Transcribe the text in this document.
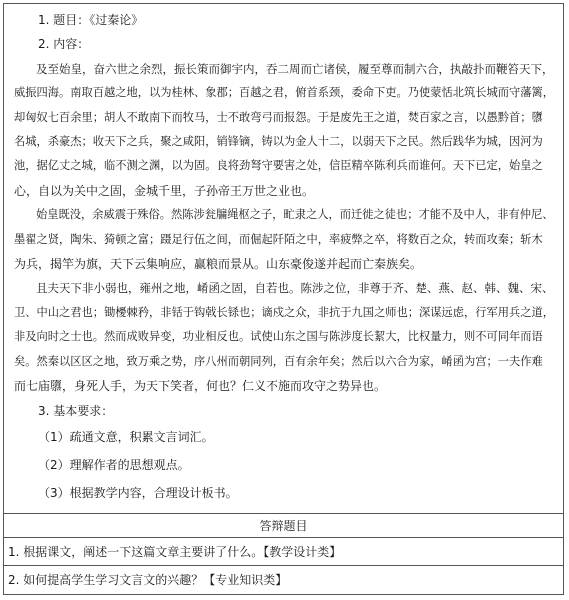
1. 题目：《过秦论》
2. 内容：

及至始皇，奋六世之余烈，振长策而御宇内，吞二周而亡诸侯，履至尊而制六合，执敲扑而鞭笞天下，

威振四海。南取百越之地，以为桂林、象郡；百越之君，俯首系颈，委命下吏。乃使蒙恬北筑长城而守藩篱，

却匈奴七百余里；胡人不敢南下而牧马，士不敢弯弓而报怨。于是废先王之道，焚百家之言，以愚黔首；隳

名城，杀豪杰；收天下之兵，聚之咸阳，销锋镝，铸以为金人十二，以弱天下之民。然后践华为城，因河为

池，据亿丈之城，临不测之渊，以为固。良将劲弩守要害之处，信臣精卒陈利兵而谁何。天下已定，始皇之

心，自以为关中之固，金城千里，子孙帝王万世之业也。

始皇既没，余威震于殊俗。然陈涉瓮牖绳枢之子，甿隶之人，而迁徙之徒也；才能不及中人，非有仲尼、

墨翟之贤，陶朱、猗顿之富；蹑足行伍之间，而倔起阡陌之中，率疲弊之卒，将数百之众，转而攻秦；斩木

为兵，揭竿为旗，天下云集响应，赢粮而景从。山东豪俊遂并起而亡秦族矣。

且夫天下非小弱也，雍州之地，崤函之固，自若也。陈涉之位，非尊于齐、楚、燕、赵、韩、魏、宋、

卫、中山之君也；锄櫌棘矜，非铦于钩戟长铩也；谪戍之众，非抗于九国之师也；深谋远虑，行军用兵之道，

非及向时之士也。然而成败异变，功业相反也。试使山东之国与陈涉度长絜大，比权量力，则不可同年而语

矣。然秦以区区之地，致万乘之势，序八州而朝同列，百有余年矣；然后以六合为家，崤函为宫；一夫作难

而七庙隳，身死人手，为天下笑者，何也？仁义不施而攻守之势异也。

3. 基本要求：
（1）疏通文意，积累文言词汇。
（2）理解作者的思想观点。
（3）根据教学内容，合理设计板书。
答辩题目
1. 根据课文，阐述一下这篇文章主要讲了什么。【教学设计类】
2. 如何提高学生学习文言文的兴趣？【专业知识类】
